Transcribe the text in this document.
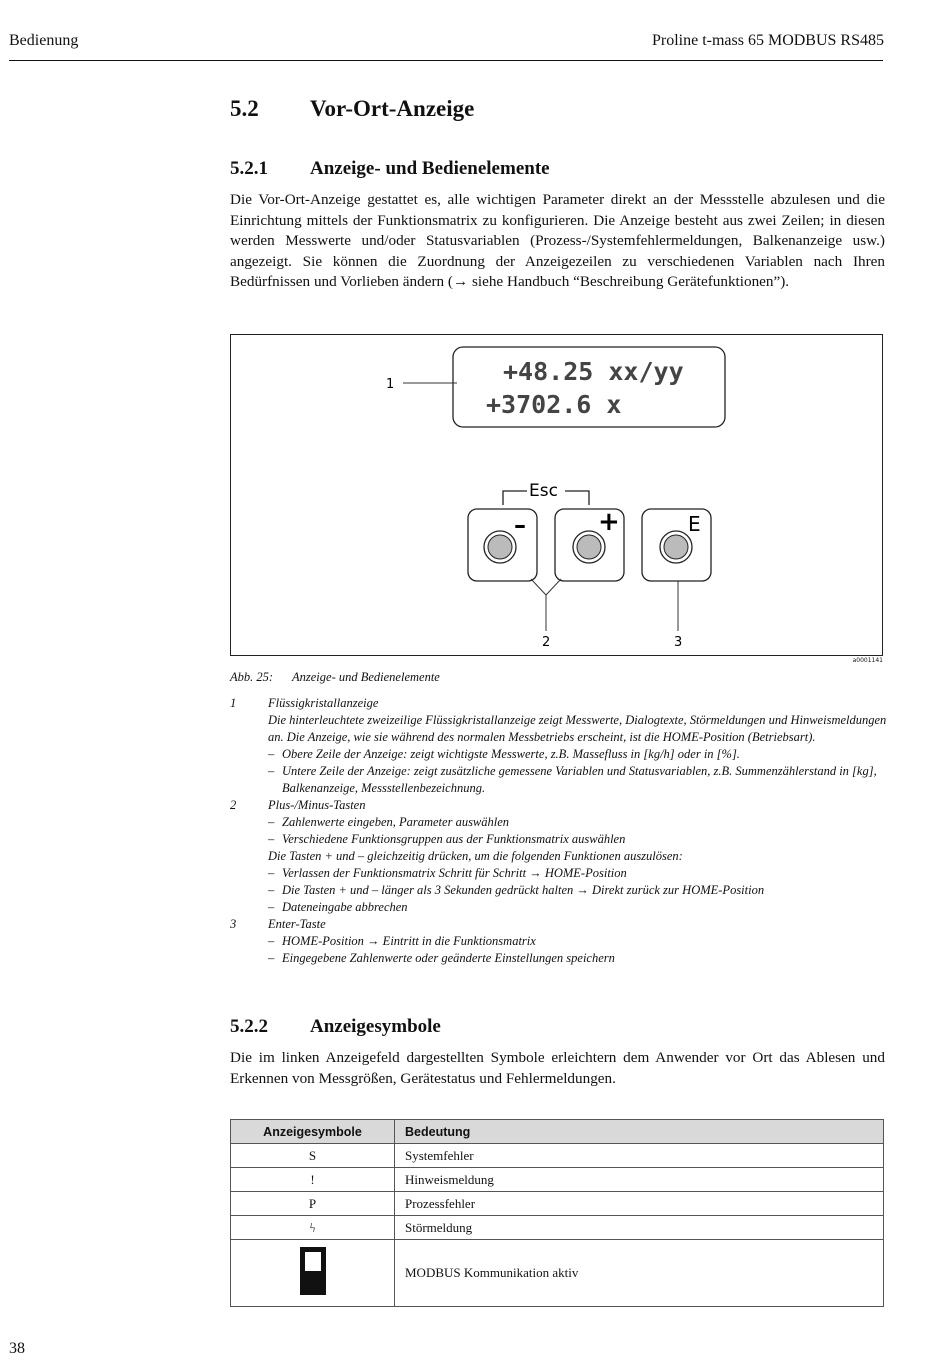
Bedienung	Proline t-mass 65 MODBUS RS485
5.2 Vor-Ort-Anzeige
5.2.1 Anzeige- und Bedienelemente
Die Vor-Ort-Anzeige gestattet es, alle wichtigen Parameter direkt an der Messstelle abzulesen und die Einrichtung mittels der Funktionsmatrix zu konfigurieren. Die Anzeige besteht aus zwei Zeilen; in diesen werden Messwerte und/oder Statusvariablen (Prozess-/Systemfehlermeldungen, Balkenanzeige usw.) angezeigt. Sie können die Zuordnung der Anzeigezeilen zu verschiedenen Variablen nach Ihren Bedürfnissen und Vorlieben ändern (→ siehe Handbuch “Beschreibung Gerätefunktionen”).
+48.25 xx/yy
+3702.6 x
1
Esc
–	+	E
2	3
a0001141
Abb. 25: Anzeige- und Bedienelemente
1	Flüssigkristallanzeige
Die hinterleuchtete zweizeilige Flüssigkristallanzeige zeigt Messwerte, Dialogtexte, Störmeldungen und Hinweismeldungen an. Die Anzeige, wie sie während des normalen Messbetriebs erscheint, ist die HOME-Position (Betriebsart).
– Obere Zeile der Anzeige: zeigt wichtigste Messwerte, z.B. Massefluss in [kg/h] oder in [%].
– Untere Zeile der Anzeige: zeigt zusätzliche gemessene Variablen und Statusvariablen, z.B. Summenzählerstand in [kg], Balkenanzeige, Messstellenbezeichnung.
2	Plus-/Minus-Tasten
– Zahlenwerte eingeben, Parameter auswählen
– Verschiedene Funktionsgruppen aus der Funktionsmatrix auswählen
Die Tasten + und – gleichzeitig drücken, um die folgenden Funktionen auszulösen:
– Verlassen der Funktionsmatrix Schritt für Schritt → HOME-Position
– Die Tasten + und – länger als 3 Sekunden gedrückt halten → Direkt zurück zur HOME-Position
– Dateneingabe abbrechen
3	Enter-Taste
– HOME-Position → Eintritt in die Funktionsmatrix
– Eingegebene Zahlenwerte oder geänderte Einstellungen speichern
5.2.2 Anzeigesymbole
Die im linken Anzeigefeld dargestellten Symbole erleichtern dem Anwender vor Ort das Ablesen und Erkennen von Messgrößen, Gerätestatus und Fehlermeldungen.
Anzeigesymbole	Bedeutung
S	Systemfehler
!	Hinweismeldung
P	Prozessfehler
ϟ	Störmeldung
	MODBUS Kommunikation aktiv
38
